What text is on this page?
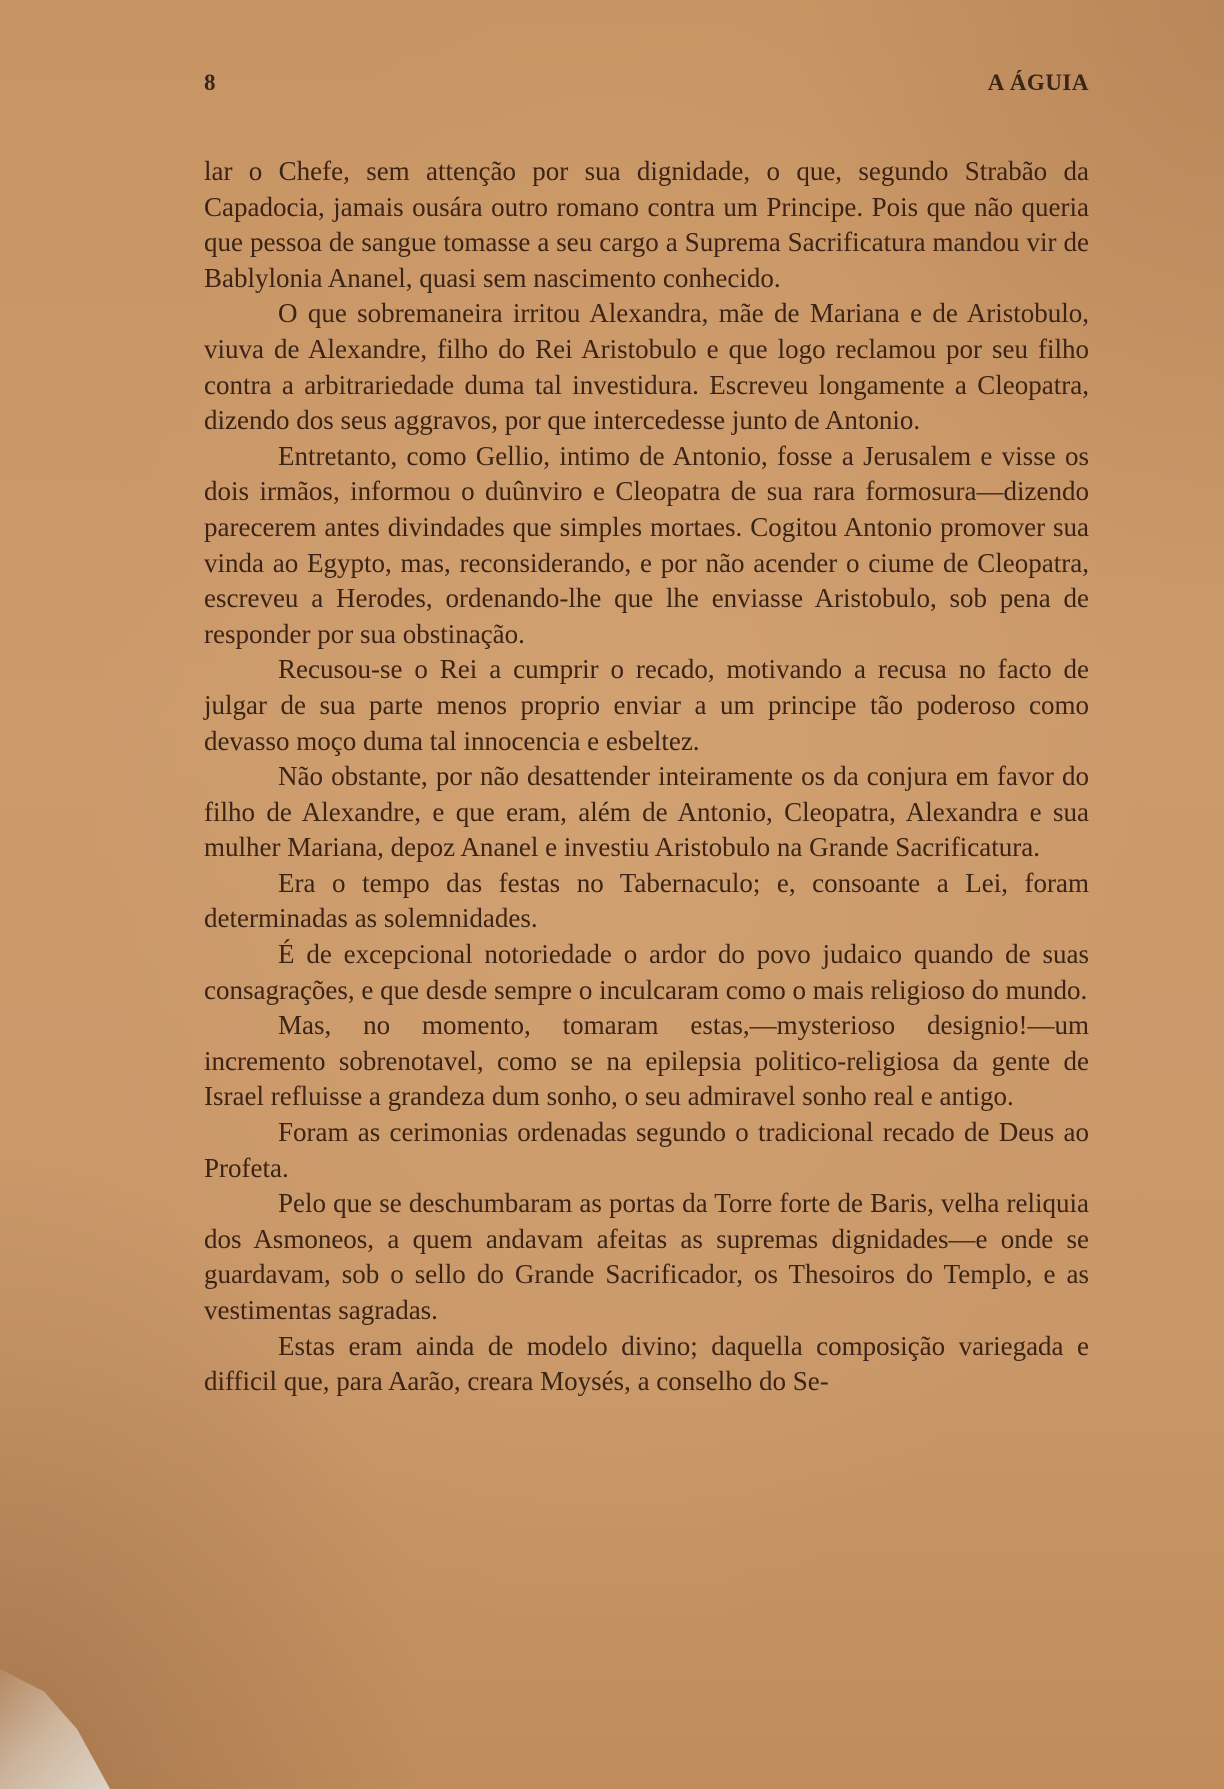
8	A ÁGUIA

lar o Chefe, sem attenção por sua dignidade, o que, segundo Strabão da Capadocia, jamais ousára outro romano contra um Principe. Pois que não queria que pessoa de sangue tomasse a seu cargo a Suprema Sacrificatura mandou vir de Bablylonia Ananel, quasi sem nascimento conhecido.

O que sobremaneira irritou Alexandra, mãe de Mariana e de Aristobulo, viuva de Alexandre, filho do Rei Aristobulo e que logo reclamou por seu filho contra a arbitrariedade duma tal investidura. Escreveu longamente a Cleopatra, dizendo dos seus aggravos, por que intercedesse junto de Antonio.

Entretanto, como Gellio, intimo de Antonio, fosse a Jerusalem e visse os dois irmãos, informou o duûnviro e Cleopatra de sua rara formosura—dizendo parecerem antes divindades que simples mortaes. Cogitou Antonio promover sua vinda ao Egypto, mas, reconsiderando, e por não acender o ciume de Cleopatra, escreveu a Herodes, ordenando-lhe que lhe enviasse Aristobulo, sob pena de responder por sua obstinação.

Recusou-se o Rei a cumprir o recado, motivando a recusa no facto de julgar de sua parte menos proprio enviar a um principe tão poderoso como devasso moço duma tal innocencia e esbeltez.

Não obstante, por não desattender inteiramente os da conjura em favor do filho de Alexandre, e que eram, além de Antonio, Cleopatra, Alexandra e sua mulher Mariana, depoz Ananel e investiu Aristobulo na Grande Sacrificatura.

Era o tempo das festas no Tabernaculo; e, consoante a Lei, foram determinadas as solemnidades.

É de excepcional notoriedade o ardor do povo judaico quando de suas consagrações, e que desde sempre o inculcaram como o mais religioso do mundo.

Mas, no momento, tomaram estas,—mysterioso designio!—um incremento sobrenotavel, como se na epilepsia politico-religiosa da gente de Israel refluisse a grandeza dum sonho, o seu admiravel sonho real e antigo.

Foram as cerimonias ordenadas segundo o tradicional recado de Deus ao Profeta.

Pelo que se deschumbaram as portas da Torre forte de Baris, velha reliquia dos Asmoneos, a quem andavam afeitas as supremas dignidades—e onde se guardavam, sob o sello do Grande Sacrificador, os Thesoiros do Templo, e as vestimentas sagradas.

Estas eram ainda de modelo divino; daquella composição variegada e difficil que, para Aarão, creara Moysés, a conselho do Se-
